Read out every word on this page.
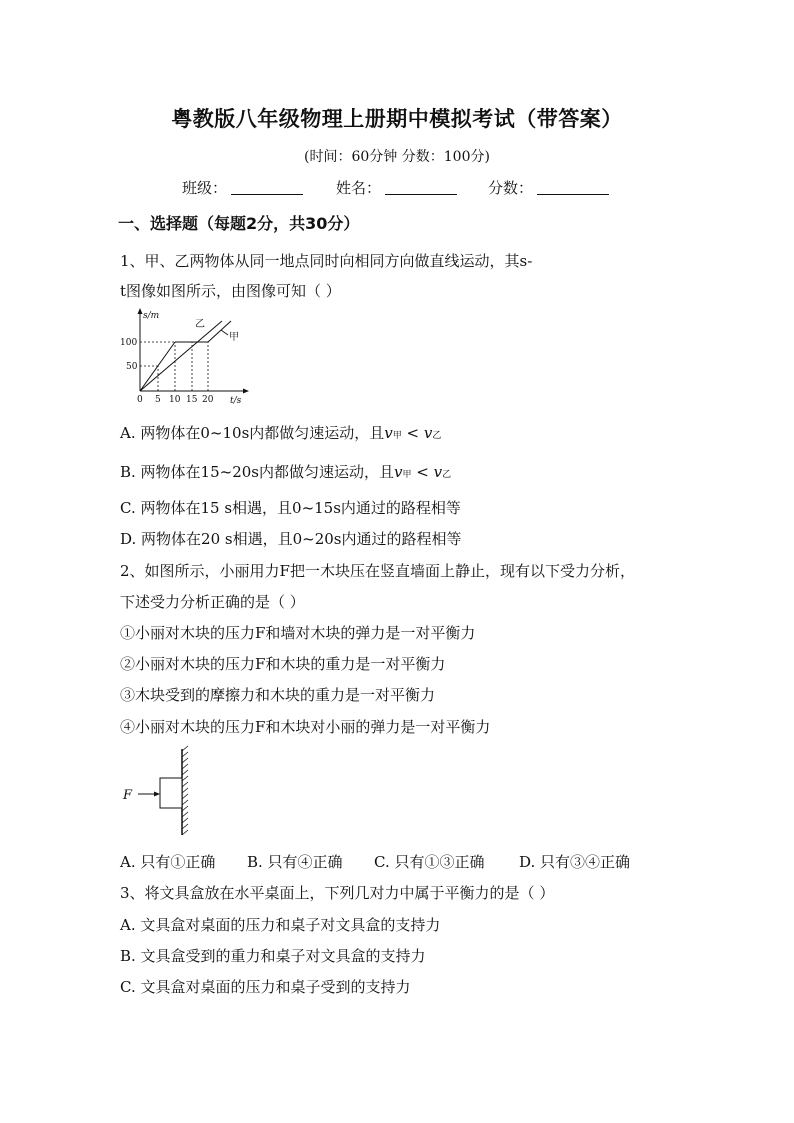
粤教版八年级物理上册期中模拟考试（带答案）
(时间：60分钟 分数：100分)
班级：	姓名：	分数：
一、选择题（每题2分，共30分）
1、甲、乙两物体从同一地点同时向相同方向做直线运动，其s-
t图像如图所示，由图像可知（ ）
s/m
t/s
100
50
0 5 10 15 20
乙
甲
A. 两物体在0~10s内都做匀速运动，且v甲 < v乙
B. 两物体在15~20s内都做匀速运动，且v甲 < v乙
C. 两物体在15 s相遇，且0~15s内通过的路程相等
D. 两物体在20 s相遇，且0~20s内通过的路程相等
2、如图所示，小丽用力F把一木块压在竖直墙面上静止，现有以下受力分析，
下述受力分析正确的是（ ）
①小丽对木块的压力F和墙对木块的弹力是一对平衡力
②小丽对木块的压力F和木块的重力是一对平衡力
③木块受到的摩擦力和木块的重力是一对平衡力
④小丽对木块的压力F和木块对小丽的弹力是一对平衡力
F
A. 只有①正确 B. 只有④正确 C. 只有①③正确 D. 只有③④正确
3、将文具盒放在水平桌面上，下列几对力中属于平衡力的是（ ）
A. 文具盒对桌面的压力和桌子对文具盒的支持力
B. 文具盒受到的重力和桌子对文具盒的支持力
C. 文具盒对桌面的压力和桌子受到的支持力
